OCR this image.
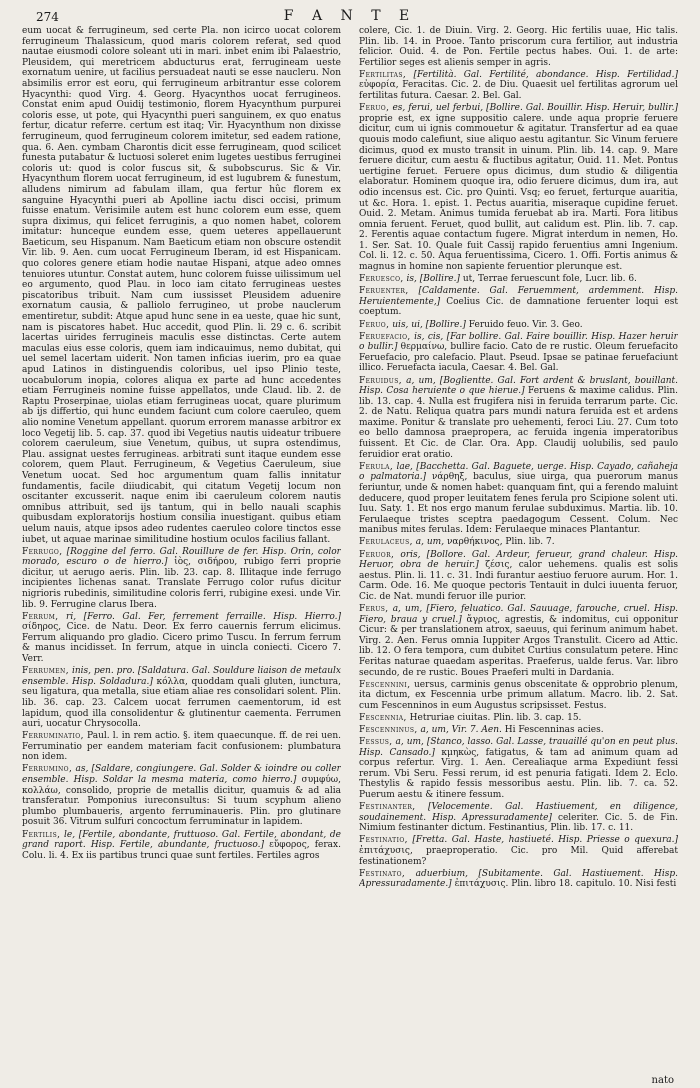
274	F A N T E

eum uocat & ferrugineum, sed certe Pla. non icirco uocat colorem ferrugineum Thalassicum, quod maris colorem referat, sed quod nautae eiusmodi colore soleant uti in mari. inbet enim ibi Palaestrio, Pleusidem, qui meretricem abducturus erat, ferrugineam ueste exornatum uenire, ut facilius persuadeat nauti se esse naucleru. Non absimilis error est eoru, qui ferrugineum arbitrantur esse colorem Hyacynthi: quod Virg. 4. Georg. Hyacynthos uocat ferrugineos. Constat enim apud Ouidij testimonio, florem Hyacynthum purpurei coloris esse, ut pote, qui Hyacynthi pueri sanguinem, ex quo enatus fertur, dicatur referre. certum est itaq; Vir. Hyacynthum non dixisse ferrugineum, quod ferrugineum colorem imitetur, sed eadem ratione, qua. 6. Aen. cymbam Charontis dicit esse ferrugineam, quod scilicet funesta putabatur & luctuosi soleret enim lugetes uestibus ferruginei coloris ut: quod is color fuscus sit, & subobscurus. Sic & Vir. Hyacynthum florem uocat ferrugineum, id est lugubrem & funestum, alludens nimirum ad fabulam illam, qua fertur hûc florem ex sanguine Hyacynthi pueri ab Apolline iactu disci occisi, primum fuisse enatum. Verisimile autem est hunc colorem eum esse, quem supra diximus, qui felicet ferruginis, a quo nomen habet, colorem imitatur: hunceque eundem esse, quem ueteres appellauerunt Baeticum, seu Hispanum. Nam Baeticum etiam non obscure ostendit Vir. lib. 9. Aen. cum uocat Ferrugineum Iberam, id est Hispanicam. quo colores genere etiam hodie nautae Hispani, atque adeo omnes tenuiores utuntur. Constat autem, hunc colorem fuisse uilissimum uel eo argumento, quod Plau. in loco iam citato ferrugineas uestes piscatoribus tribuit. Nam cum iussisset Pleusidem aduenire exornatum causia, & palliolo ferrugineo, ut probe nauclerum ementiretur, subdit: Atque apud hunc sene in ea ueste, quae hic sunt, nam is piscatores habet. Huc accedit, quod Plin. li. 29 c. 6. scribit lacertas uirides ferrugineis maculis esse distinctas. Certe autem maculas eius esse coloris, quem iam indicauimus, nemo dubitat, qui uel semel lacertam uiderit. Non tamen inficias iuerim, pro ea quae apud Latinos in distinguendis coloribus, uel ipso Plinio teste, uocabulorum inopia, colores aliqua ex parte ad hunc accedentes etiam Ferrugineis nomine fuisse appellatos, unde Claud. lib. 2. de Raptu Proserpinae, uiolas etiam ferrugineas uocat, quare plurimum ab ijs differtio, qui hunc eundem faciunt cum colore caeruleo, quem alio nomine Venetum appellant. quorum errorem manasse arbitror ex loco Vegetij lib. 5. cap. 37. quod ibi Vegetius nautis uideatur tribuere colorem caeruleum, siue Venetum, quibus, ut supra ostendimus, Plau. assignat uestes ferrugineas. arbitrati sunt itaque eundem esse colorem, quem Plaut. Ferrugineum, & Vegetius Caeruleum, siue Venetum uocat. Sed hoc argumentum quam fallis innitatur fundamentis, facile diiudicabit, qui citatum Vegetij locum non oscitanter excusserit. naque enim ibi caeruleum colorem nautis omnibus attribuit, sed ijs tantum, qui in bello nauali scaphis quibusdam exploratorijs hostium consilia inuestigant. quibus etiam uelum nauis, atque ipsos adeo rudentes caeruleo colore tinctos esse iubet, ut aquae marinae similitudine hostium oculos facilius fallant.

Ferrugo, [Roggine del ferro. Gal. Rouillure de fer. Hisp. Orin, color morado, escuro o de hierro.] ἰὸς, σιδήρου, rubigo ferri proprie dicitur, ut aerugo aeris. Plin. lib. 23. cap. 8. Illitaque inde ferrugo incipientes lichenas sanat. Translate Ferrugo color rufus dicitur nigrioris rubedinis, similitudine coloris ferri, rubigine exesi. unde Vir. lib. 9. Ferrugine clarus Ibera.

Ferrum, ri, [Ferro. Gal. Fer, ferrement ferraille. Hisp. Hierro.] σίδηρος, Cice. de Natu. Deor. Ex ferro cauernis ferrum elicimus. Ferrum aliquando pro gladio. Cicero primo Tuscu. In ferrum ferrum & manus incidisset. In ferrum, atque in uincla coniecti. Cicero 7. Verr.

Ferrumen, inis, pen. pro. [Saldatura. Gal. Souldure liaison de metaulx ensemble. Hisp. Soldadura.] κόλλα, quoddam quali gluten, iunctura, seu ligatura, qua metalla, siue etiam aliae res consolidari solent. Plin. lib. 36. cap. 23. Calcem uocat ferrumen caementorum, id est lapidum, quod illa consolidentur & glutinentur caementa. Ferrumen auri, uocatur Chrysocolla.

Ferruminatio, Paul. l. in rem actio. §. item quaecunque. ff. de rei uen. Ferruminatio per eandem materiam facit confusionem: plumbatura non idem.

Ferrumino, as, [Saldare, congiungere. Gal. Solder & ioindre ou coller ensemble. Hisp. Soldar la mesma materia, como hierro.] συμφύω, κολλάω, consolido, proprie de metallis dicitur, quamuis & ad alia transferatur. Pomponius iureconsultus: Si tuum scyphum alieno plumbo plumbaueris, argento ferruminaueris. Plin. pro glutinare posuit 36. Vitrum sulfuri concoctum ferruminatur in lapidem.

Fertilis, le, [Fertile, abondante, fruttuoso. Gal. Fertile, abondant, de grand raport. Hisp. Fertile, abundante, fructuoso.] εὔφορος, ferax. Colu. li. 4. Ex iis partibus trunci quae sunt fertiles. Fertiles agros

colere, Cic. 1. de Diuin. Virg. 2. Georg. Hic fertilis uuae, Hic talis. Plin. lib. 14. in Prooe. Tanto priscorum cura fertilior, aut industria felicior. Ouid. 4. de Pon. Fertile pectus habes. Oui. 1. de arte: Fertilior seges est alienis semper in agris.

Fertilitas, [Fertilità. Gal. Fertilité, abondance. Hisp. Fertilidad.] εὐφορία, Feracitas. Cic. 2. de Diu. Quaesit uel fertilitas agrorum uel fertilitas futura. Caesar. 2. Bel. Gal.

Feruo, es, ferui, uel ferbui, [Bollire. Gal. Bouillir. Hisp. Heruir, bullir.] proprie est, ex igne suppositio calere. unde aqua proprie feruere dicitur, cum ui ignis commouetur & agitatur. Transfertur ad ea quae quouis modo calefiunt, siue aliquo aestu agitantur. Sic Vinum feruere dicimus, quod ex musto transit in uinum. Plin. lib. 14. cap. 9. Mare feruere dicitur, cum aestu & fluctibus agitatur, Ouid. 11. Met. Pontus uertigine feruet. Feruere opus dicimus, dum studio & diligentia elaboratur. Hominem quoque ira, odio feruere dicimus, dum ira, aut odio incensus est. Cic. pro Quinti. Vsq; eo feruet, ferturque auaritia, ut &c. Hora. 1. epist. 1. Pectus auaritia, miseraque cupidine feruet. Ouid. 2. Metam. Animus tumida feruebat ab ira. Marti. Fora litibus omnia feruent. Feruet, quod bullit, aut calidum est. Plin. lib. 7. cap. 2. Ferentis aquae contactum fugere. Migrat interdum in nemen, Ho. 1. Ser. Sat. 10. Quale fuit Cassij rapido feruentius amni Ingenium. Col. li. 12. c. 50. Aqua feruentissima, Cicero. 1. Offi. Fortis animus & magnus in homine non sapiente feruentior plerunque est.

Feruesco, is, [Bollire.] ut, Terrae feruescunt fole, Lucr. lib. 6.

Feruenter, [Caldamente. Gal. Feruemment, ardemment. Hisp. Heruientemente,] Coelius Cic. de damnatione feruenter loqui est coeptum.

Feruo, uis, ui, [Bollire.] Feruido feuo. Vir. 3. Geo.

Feruefacio, is, cis, [Far bollire. Gal. Faire bouillir. Hisp. Hazer heruir o bullir.] θερμαίνω, bullire facio. Cato de re rustic. Oleum feruefacito Feruefacio, pro calefacio. Plaut. Pseud. Ipsae se patinae feruefaciunt illico. Feruefacta iacula, Caesar. 4. Bel. Gal.

Feruidus, a, um, [Boglientte. Gal. Fort ardent & bruslant, bouillant. Hisp. Cosa heruiente o que hierue.] Feruens & maxime calidus. Plin. lib. 13. cap. 4. Nulla est frugifera nisi in feruida terrarum parte. Cic. 2. de Natu. Reliqua quatra pars mundi natura feruida est et ardens maxime. Ponitur & translate pro uehementi, feroci Liu. 27. Cum toto eo bello damnosa praepropera, ac feruida ingenia imperatoribus fuissent. Et Cic. de Clar. Ora. App. Claudij uolubilis, sed paulo feruidior erat oratio.

Ferula, lae, [Bacchetta. Gal. Baguete, uerge. Hisp. Cayado, cañaheja o palmatoria.] νάρθηξ, baculus, siue uirga, qua puerorum manus feriuntur, unde & nomen habet: quanquam fint, qui a ferendo maluint deducere, quod proper leuitatem fenes ferula pro Scipione solent uti. Iuu. Saty. 1. Et nos ergo manum ferulae subduximus. Martia. lib. 10. Ferulaeque tristes sceptra paedagogum Cessent. Colum. Nec manibus mites ferulas. Idem: Ferulaeque minaces Plantantur.

Ferulaceus, a, um, ναρθήκινος, Plin. lib. 7.

Feruor, oris, [Bollore. Gal. Ardeur, ferueur, grand chaleur. Hisp. Heruor, obra de heruir.] ζέσις, calor uehemens. qualis est solis aestus. Plin. li. 11. c. 31. Indi furantur aestiuo feruore aurum. Hor. 1. Carm. Ode. 16. Me quoque pectoris Tentauit in dulci iuuenta feruor, Cic. de Nat. mundi feruor ille purior.

Ferus, a, um, [Fiero, feluatico. Gal. Sauuage, farouche, cruel. Hisp. Fiero, braua y cruel.] ἄγριος, agrestis, & indomitus, cui opponitur Cicur: & per translationem atrox, saeuus, qui ferinum animum habet. Virg. 2. Aen. Ferus omnia Iuppiter Argos Transtulit. Cicero ad Attic. lib. 12. O fera tempora, cum dubitet Curtius consulatum petere. Hinc Feritas naturae quaedam asperitas. Praeferus, ualde ferus. Var. libro secundo, de re rustic. Boues Praeferi multi in Dardania.

Fescennini, uersus, carminis genus obscenitate & opprobrio plenum, ita dictum, ex Fescennia urbe primum allatum. Macro. lib. 2. Sat. cum Fescenninos in eum Augustus scripsisset. Festus.

Fescennia, Hetruriae ciuitas. Plin. lib. 3. cap. 15.

Fescenninus, a, um, Vir. 7. Aen. Hi Fescenninas acies.

Fessus, a, um, [Stanco, lasso. Gal. Lasse, trauaillé qu'on en peut plus. Hisp. Cansado.] κμηκὼς, fatigatus, & tam ad animum quam ad corpus refertur. Virg. 1. Aen. Cerealiaque arma Expediunt fessi rerum. Vbi Seru. Fessi rerum, id est penuria fatigati. Idem 2. Eclo. Thestylis & rapido fessis messoribus aestu. Plin. lib. 7. ca. 52. Puerum aestu & itinere fessum.

Festinanter, [Velocemente. Gal. Hastiuement, en diligence, soudainement. Hisp. Apressuradamente] celeriter. Cic. 5. de Fin. Nimium festinanter dictum. Festinantius, Plin. lib. 17. c. 11.

Festinatio, [Fretta. Gal. Haste, hastiueté. Hisp. Priesse o quexura.] ἐπιτάχυσις, praeproperatio. Cic. pro Mil. Quid afferebat festinationem?

Festinato, aduerbium, [Subitamente. Gal. Hastiuement. Hisp. Apressuradamente.] ἐπιτάχυσις. Plin. libro 18. capitulo. 10. Nisi festi

nato
